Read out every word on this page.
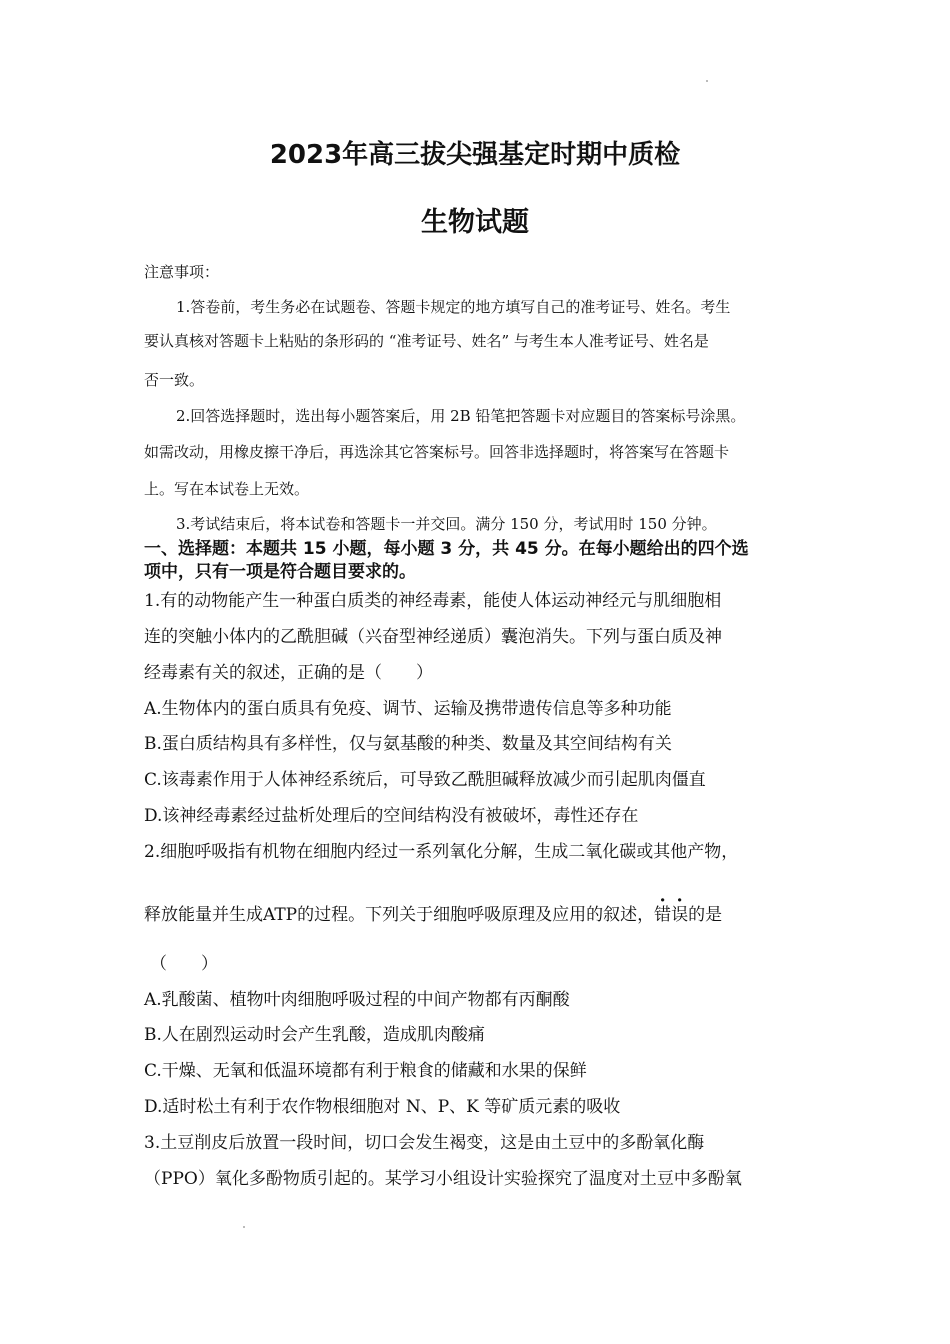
2023年高三拔尖强基定时期中质检
生物试题
注意事项：
1.答卷前，考生务必在试题卷、答题卡规定的地方填写自己的准考证号、姓名。考生
要认真核对答题卡上粘贴的条形码的 “准考证号、姓名” 与考生本人准考证号、姓名是
否一致。
2.回答选择题时，选出每小题答案后，用 2B 铅笔把答题卡对应题目的答案标号涂黑。
如需改动，用橡皮擦干净后，再选涂其它答案标号。回答非选择题时，将答案写在答题卡
上。写在本试卷上无效。
3.考试结束后，将本试卷和答题卡一并交回。满分 150 分，考试用时 150 分钟。
一、选择题：本题共 15 小题，每小题 3 分，共 45 分。在每小题给出的四个选
项中，只有一项是符合题目要求的。
1.有的动物能产生一种蛋白质类的神经毒素，能使人体运动神经元与肌细胞相
连的突触小体内的乙酰胆碱（兴奋型神经递质）囊泡消失。下列与蛋白质及神
经毒素有关的叙述，正确的是（　　）
A.生物体内的蛋白质具有免疫、调节、运输及携带遗传信息等多种功能
B.蛋白质结构具有多样性，仅与氨基酸的种类、数量及其空间结构有关
C.该毒素作用于人体神经系统后，可导致乙酰胆碱释放减少而引起肌肉僵直
D.该神经毒素经过盐析处理后的空间结构没有被破坏，毒性还存在
2.细胞呼吸指有机物在细胞内经过一系列氧化分解，生成二氧化碳或其他产物，
释放能量并生成ATP的过程。下列关于细胞呼吸原理及应用的叙述，错误的是
（　　）
A.乳酸菌、植物叶肉细胞呼吸过程的中间产物都有丙酮酸
B.人在剧烈运动时会产生乳酸，造成肌肉酸痛
C.干燥、无氧和低温环境都有利于粮食的储藏和水果的保鲜
D.适时松土有利于农作物根细胞对 N、P、K 等矿质元素的吸收
3.土豆削皮后放置一段时间，切口会发生褐变，这是由土豆中的多酚氧化酶
（PPO）氧化多酚物质引起的。某学习小组设计实验探究了温度对土豆中多酚氧
